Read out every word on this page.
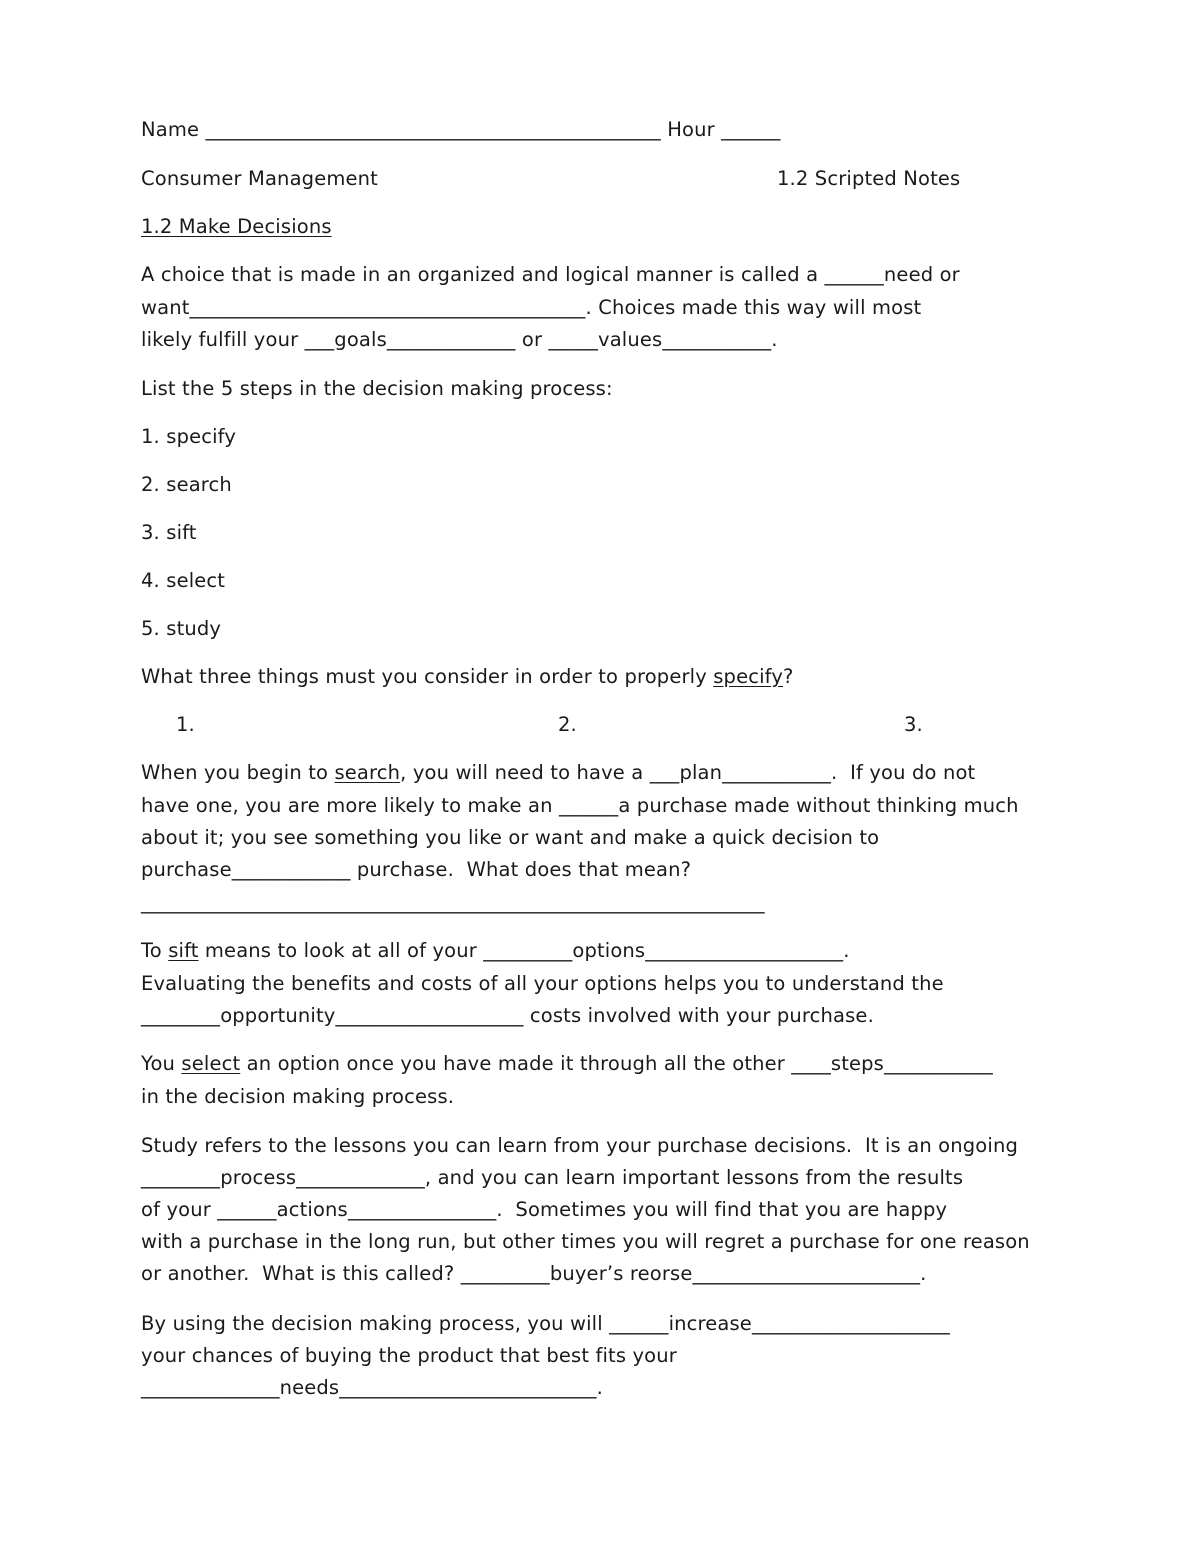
Name ______________________________________________ Hour ______
Consumer Management	1.2 Scripted Notes
1.2 Make Decisions
A choice that is made in an organized and logical manner is called a ______need or
want________________________________________. Choices made this way will most
likely fulfill your ___goals_____________ or _____values___________.
List the 5 steps in the decision making process:
1. specify
2. search
3. sift
4. select
5. study
What three things must you consider in order to properly specify?
1.	2.	3.
When you begin to search, you will need to have a ___plan___________.  If you do not
have one, you are more likely to make an ______a purchase made without thinking much
about it; you see something you like or want and make a quick decision to
purchase____________ purchase.  What does that mean?
_______________________________________________________________
To sift means to look at all of your _________options____________________.
Evaluating the benefits and costs of all your options helps you to understand the
________opportunity___________________ costs involved with your purchase.
You select an option once you have made it through all the other ____steps___________
in the decision making process.
Study refers to the lessons you can learn from your purchase decisions.  It is an ongoing
________process_____________, and you can learn important lessons from the results
of your ______actions_______________.  Sometimes you will find that you are happy
with a purchase in the long run, but other times you will regret a purchase for one reason
or another.  What is this called? _________buyer’s reorse_______________________.
By using the decision making process, you will ______increase____________________
your chances of buying the product that best fits your
______________needs__________________________.
